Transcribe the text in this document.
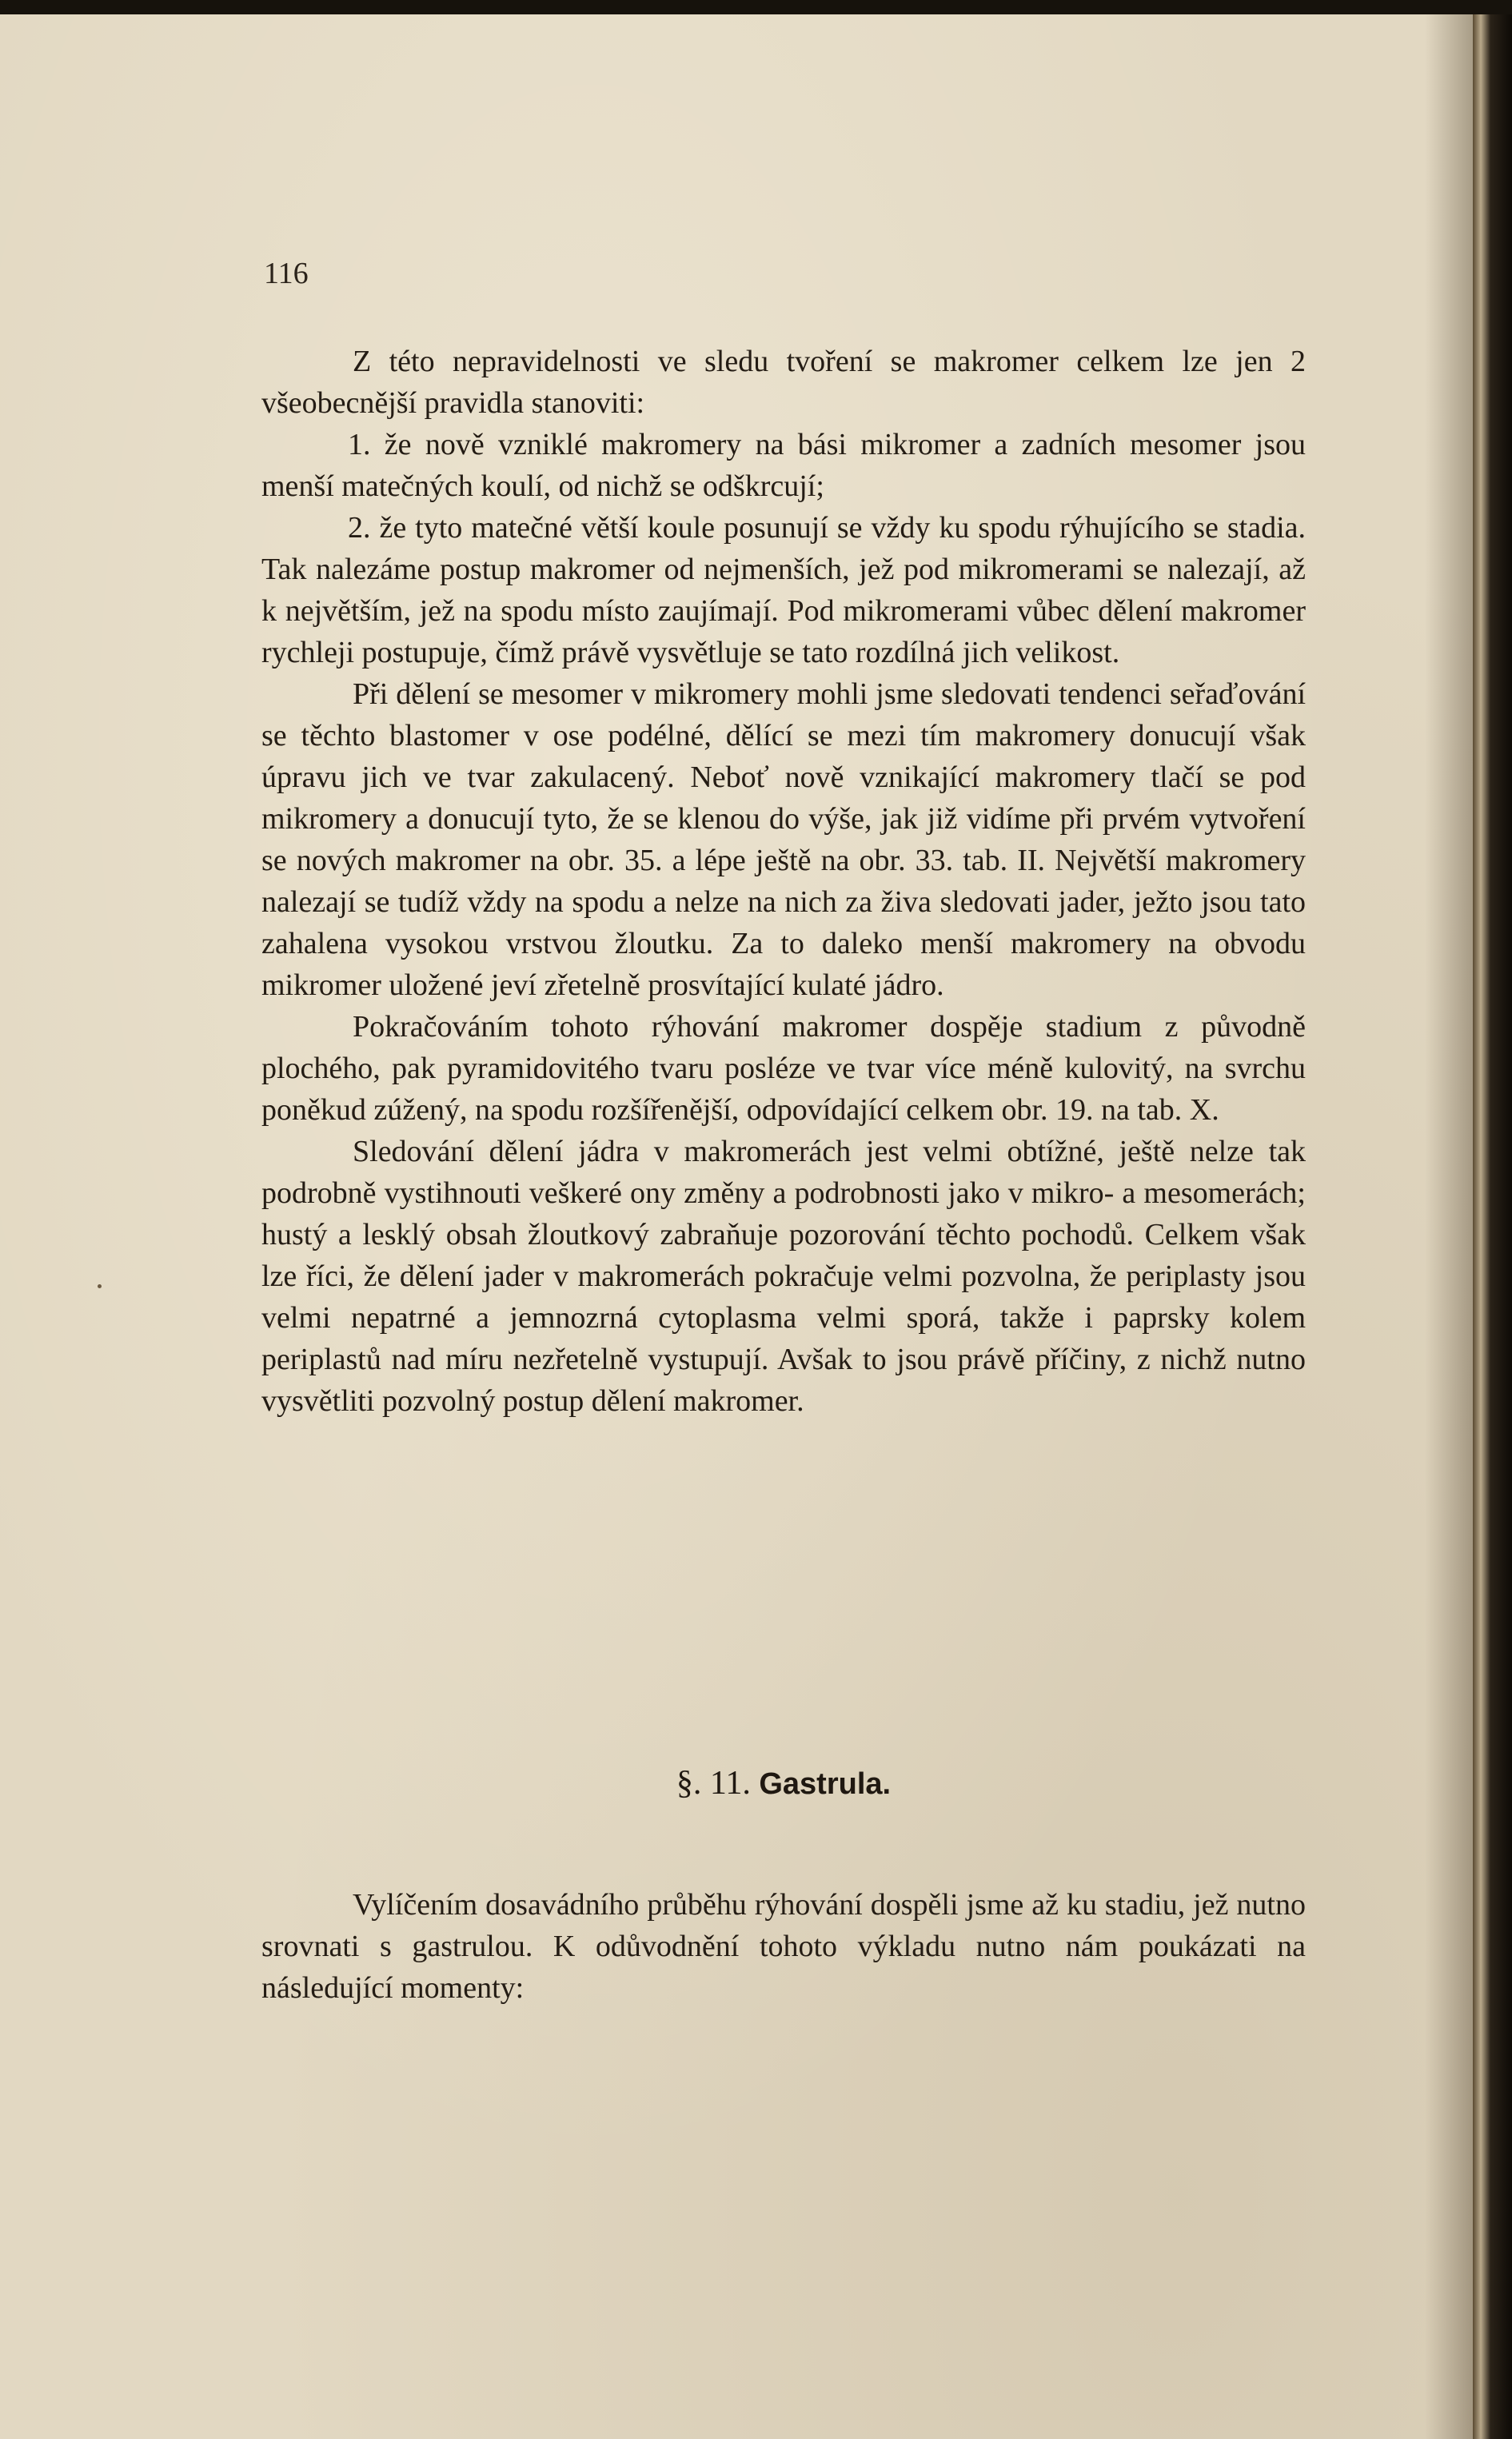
116

Z této nepravidelnosti ve sledu tvoření se makromer celkem lze jen 2 všeobecnější pravidla stanoviti:

1. že nově vzniklé makromery na bási mikromer a zadních mesomer jsou menší matečných koulí, od nichž se odškrcují;

2. že tyto matečné větší koule posunují se vždy ku spodu rýhujícího se stadia. Tak nalezáme postup makromer od nejmenších, jež pod mikromerami se nalezají, až k největším, jež na spodu místo zaujímají. Pod mikromerami vůbec dělení makromer rychleji postupuje, čímž právě vysvětluje se tato rozdílná jich velikost.

Při dělení se mesomer v mikromery mohli jsme sledovati tendenci seřaďování se těchto blastomer v ose podélné, dělící se mezi tím makromery donucují však úpravu jich ve tvar zakulacený. Neboť nově vznikající makromery tlačí se pod mikromery a donucují tyto, že se klenou do výše, jak již vidíme při prvém vytvoření se nových makromer na obr. 35. a lépe ještě na obr. 33. tab. II. Největší makromery nalezají se tudíž vždy na spodu a nelze na nich za živa sledovati jader, ježto jsou tato zahalena vysokou vrstvou žloutku. Za to daleko menší makromery na obvodu mikromer uložené jeví zřetelně prosvítající kulaté jádro.

Pokračováním tohoto rýhování makromer dospěje stadium z původně plochého, pak pyramidovitého tvaru posléze ve tvar více méně kulovitý, na svrchu poněkud zúžený, na spodu rozšířenější, odpovídající celkem obr. 19. na tab. X.

Sledování dělení jádra v makromerách jest velmi obtížné, ještě nelze tak podrobně vystihnouti veškeré ony změny a podrobnosti jako v mikro- a mesomerách; hustý a lesklý obsah žloutkový zabraňuje pozorování těchto pochodů. Celkem však lze říci, že dělení jader v makromerách pokračuje velmi pozvolna, že periplasty jsou velmi nepatrné a jemnozrná cytoplasma velmi sporá, takže i paprsky kolem periplastů nad míru nezřetelně vystupují. Avšak to jsou právě příčiny, z nichž nutno vysvětliti pozvolný postup dělení makromer.

§. 11. Gastrula.

Vylíčením dosavádního průběhu rýhování dospěli jsme až ku stadiu, jež nutno srovnati s gastrulou. K odůvodnění tohoto výkladu nutno nám poukázati na následující momenty:
